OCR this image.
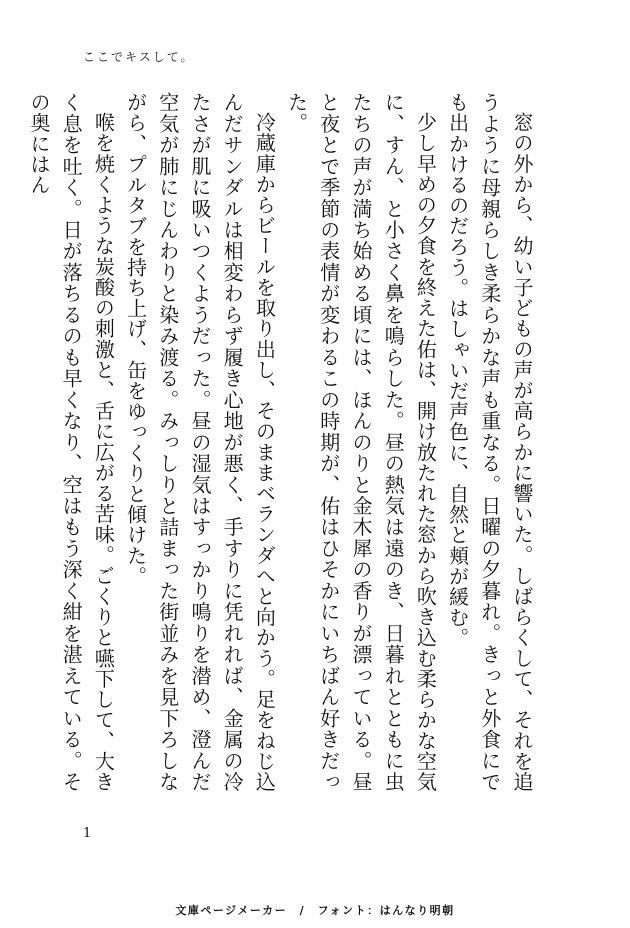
ここでキスして。

窓の外から、幼い子どもの声が高らかに響いた。しばらくして、それを追うように母親らしき柔らかな声も重なる。日曜の夕暮れ。きっと外食にでも出かけるのだろう。はしゃいだ声色に、自然と頬が緩む。

少し早めの夕食を終えた佑は、開け放たれた窓から吹き込む柔らかな空気に、すん、と小さく鼻を鳴らした。昼の熱気は遠のき、日暮れとともに虫たちの声が満ち始める頃には、ほんのりと金木犀の香りが漂っている。昼と夜とで季節の表情が変わるこの時期が、佑はひそかにいちばん好きだった。

冷蔵庫からビールを取り出し、そのままベランダへと向かう。足をねじ込んだサンダルは相変わらず履き心地が悪く、手すりに凭れれば、金属の冷たさが肌に吸いつくようだった。昼の湿気はすっかり鳴りを潜め、澄んだ空気が肺にじんわりと染み渡る。みっしりと詰まった街並みを見下ろしながら、プルタブを持ち上げ、缶をゆっくりと傾けた。

喉を焼くような炭酸の刺激と、舌に広がる苦味。ごくりと嚥下して、大きく息を吐く。日が落ちるのも早くなり、空はもう深く紺を湛えている。その奥にはん

1
文庫ページメーカー　/　フォント：はんなり明朝
